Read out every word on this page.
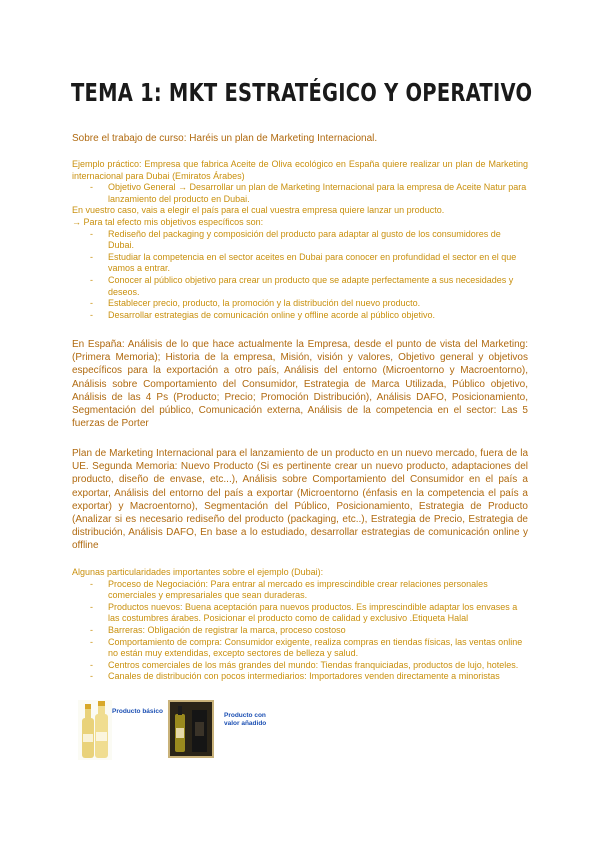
TEMA 1: MKT ESTRATÉGICO Y OPERATIVO
Sobre el trabajo de curso: Haréis un plan de Marketing Internacional.

Ejemplo práctico: Empresa que fabrica Aceite de Oliva ecológico en España quiere realizar un plan de Marketing internacional para Dubai (Emiratos Árabes)

- Objetivo General → Desarrollar un plan de Marketing Internacional para la empresa de Aceite Natur para lanzamiento del producto en Dubai.

En vuestro caso, vais a elegir el país para el cual vuestra empresa quiere lanzar un producto.

→ Para tal efecto mis objetivos específicos son:

- Rediseño del packaging y composición del producto para adaptar al gusto de los consumidores de Dubai.
- Estudiar la competencia en el sector aceites en Dubai para conocer en profundidad el sector en el que vamos a entrar.
- Conocer al público objetivo para crear un producto que se adapte perfectamente a sus necesidades y deseos.
- Establecer precio, producto, la promoción y la distribución del nuevo producto.
- Desarrollar estrategias de comunicación online y offline acorde al público objetivo.
En España: Análisis de lo que hace actualmente la Empresa, desde el punto de vista del Marketing: (Primera Memoria); Historia de la empresa, Misión, visión y valores, Objetivo general y objetivos específicos para la exportación a otro país, Análisis del entorno (Microentorno y Macroentorno), Análisis sobre Comportamiento del Consumidor, Estrategia de Marca Utilizada, Público objetivo, Análisis de las 4 Ps (Producto; Precio; Promoción Distribución), Análisis DAFO, Posicionamiento, Segmentación del público, Comunicación externa, Análisis de la competencia en el sector: Las 5 fuerzas de Porter
Plan de Marketing Internacional para el lanzamiento de un producto en un nuevo mercado, fuera de la UE. Segunda Memoria: Nuevo Producto (Si es pertinente crear un nuevo producto, adaptaciones del producto, diseño de envase, etc...), Análisis sobre Comportamiento del Consumidor en el país a exportar, Análisis del entorno del país a exportar (Microentorno (énfasis en la competencia el país a exportar) y Macroentorno), Segmentación del Público, Posicionamiento, Estrategia de Producto (Analizar si es necesario rediseño del producto (packaging, etc..), Estrategia de Precio, Estrategia de distribución, Análisis DAFO, En base a lo estudiado, desarrollar estrategias de comunicación online y offline

Algunas particularidades importantes sobre el ejemplo (Dubai):

- Proceso de Negociación: Para entrar al mercado es imprescindible crear relaciones personales comerciales y empresariales que sean duraderas.
- Productos nuevos: Buena aceptación para nuevos productos. Es imprescindible adaptar los envases a las costumbres árabes. Posicionar el producto como de calidad y exclusivo .Etiqueta Halal
- Barreras: Obligación de registrar la marca, proceso costoso
- Comportamiento de compra: Consumidor exigente, realiza compras en tiendas físicas, las ventas online no están muy extendidas, excepto sectores de belleza y salud.
- Centros comerciales de los más grandes del mundo: Tiendas franquiciadas, productos de lujo, hoteles.
- Canales de distribución con pocos intermediarios: Importadores venden directamente a minoristas
Producto básico
Producto con valor añadido
